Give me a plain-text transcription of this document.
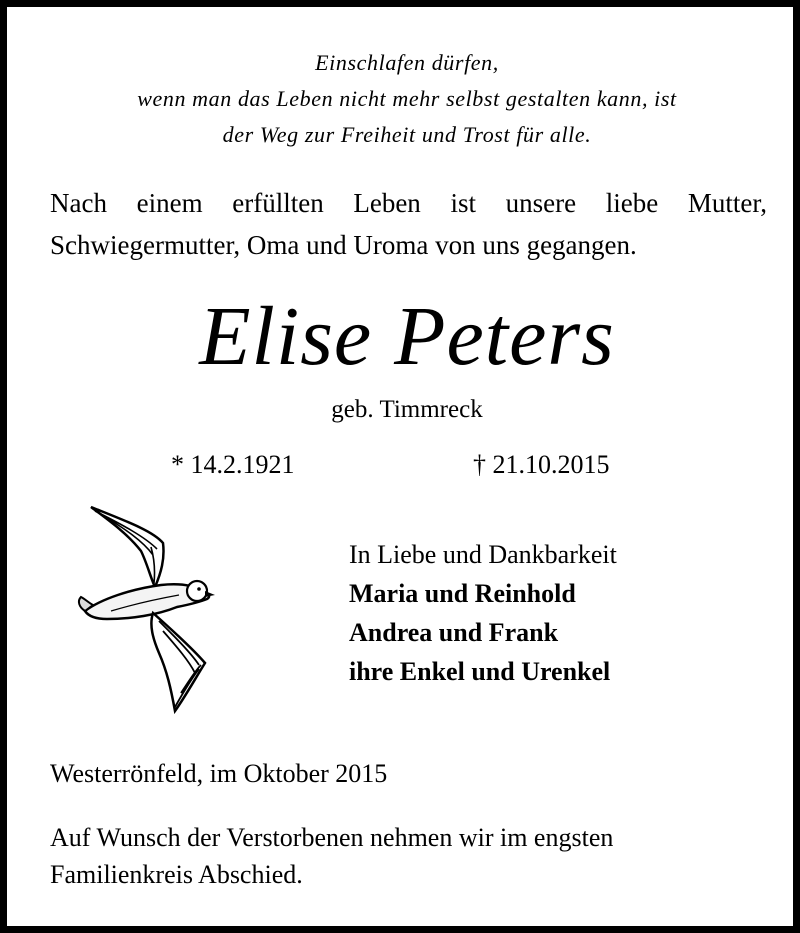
Einschlafen dürfen,
wenn man das Leben nicht mehr selbst gestalten kann, ist
der Weg zur Freiheit und Trost für alle.
Nach einem erfüllten Leben ist unsere liebe Mutter,
Schwiegermutter, Oma und Uroma von uns gegangen.
Elise Peters
geb. Timmreck
* 14.2.1921	† 21.10.2015
In Liebe und Dankbarkeit
Maria und Reinhold
Andrea und Frank
ihre Enkel und Urenkel
Westerrönfeld, im Oktober 2015
Auf Wunsch der Verstorbenen nehmen wir im engsten
Familienkreis Abschied.
